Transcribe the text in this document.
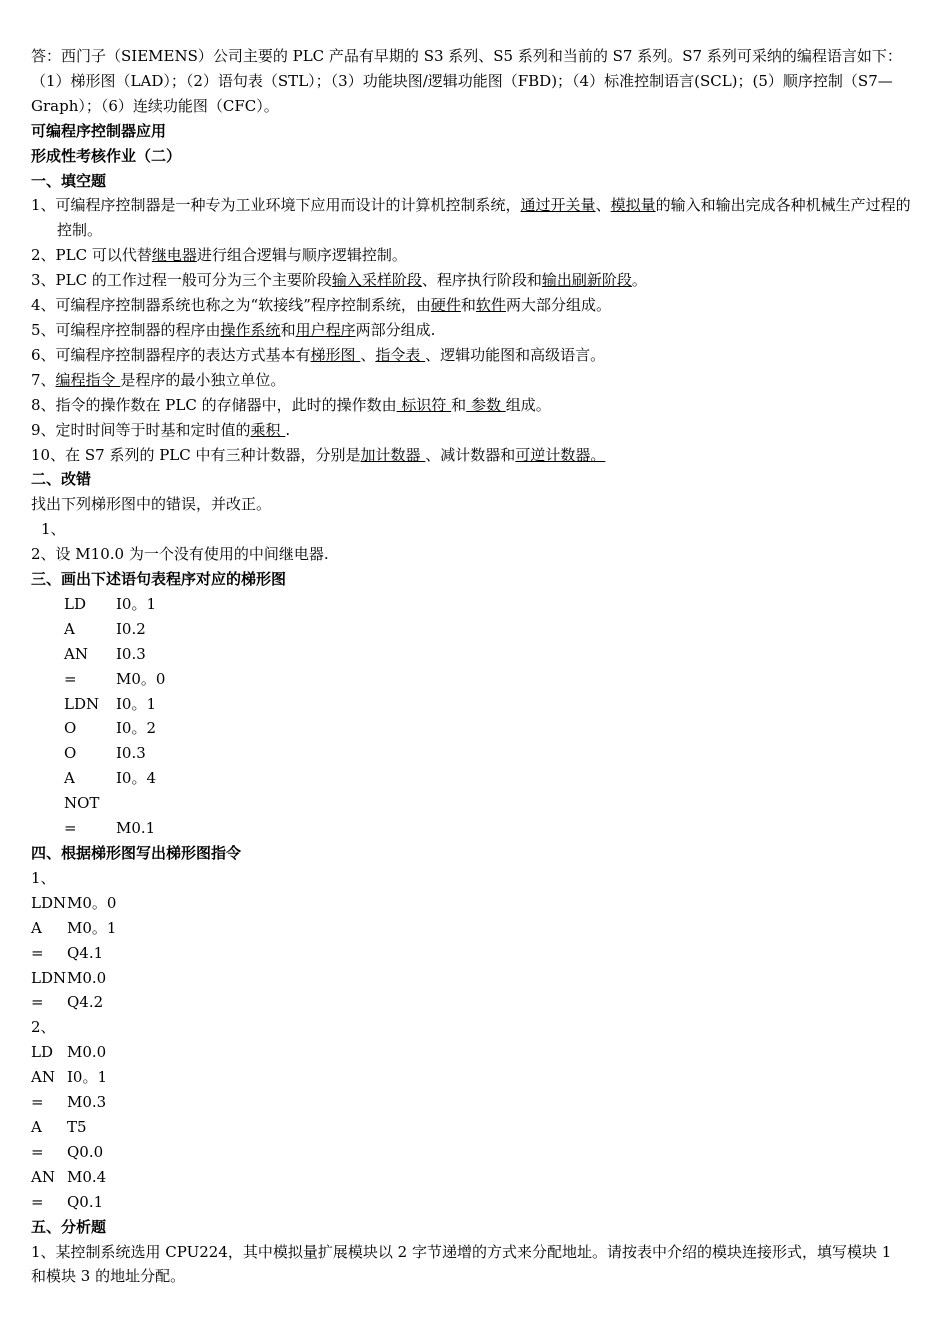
答：西门子（SIEMENS）公司主要的 PLC 产品有早期的 S3 系列、S5 系列和当前的 S7 系列。S7 系列可采纳的编程语言如下：（1）梯形图（LAD）；（2）语句表（STL）；（3）功能块图/逻辑功能图（FBD)；（4）标准控制语言(SCL)；(5）顺序控制（S7—Graph）；（6）连续功能图（CFC）。
可编程序控制器应用
形成性考核作业（二）
一、填空题
1、可编程序控制器是一种专为工业环境下应用而设计的计算机控制系统，通过开关量、模拟量的输入和输出完成各种机械生产过程的控制。
2、PLC 可以代替继电器进行组合逻辑与顺序逻辑控制。
3、PLC 的工作过程一般可分为三个主要阶段输入采样阶段、程序执行阶段和输出刷新阶段。
4、可编程序控制器系统也称之为“软接线”程序控制系统，由硬件和软件两大部分组成。
5、可编程序控制器的程序由操作系统和用户程序两部分组成.
6、可编程序控制器程序的表达方式基本有梯形图 、指令表 、逻辑功能图和高级语言。
7、编程指令 是程序的最小独立单位。
8、指令的操作数在 PLC 的存储器中，此时的操作数由 标识符 和 参数 组成。
9、定时时间等于时基和定时值的乘积 .
10、在 S7 系列的 PLC 中有三种计数器，分别是加计数器 、减计数器和可逆计数器。
二、改错
找出下列梯形图中的错误，并改正。
1、
2、设 M10.0 为一个没有使用的中间继电器.
三、画出下述语句表程序对应的梯形图
LD	I0。1
A	I0.2
AN	I0.3
=	M0。0
LDN	I0。1
O	I0。2
O	I0.3
A	I0。4
NOT
=	M0.1
四、根据梯形图写出梯形图指令
1、
LDN M0。0
A	M0。1
=	Q4.1
LDN M0.0
=	Q4.2
2、
LD M0.0
AN I0。1
=	M0.3
A	T5
=	Q0.0
AN M0.4
=	Q0.1
五、分析题
1、某控制系统选用 CPU224，其中模拟量扩展模块以 2 字节递增的方式来分配地址。请按表中介绍的模块连接形式，填写模块 1 和模块 3 的地址分配。
